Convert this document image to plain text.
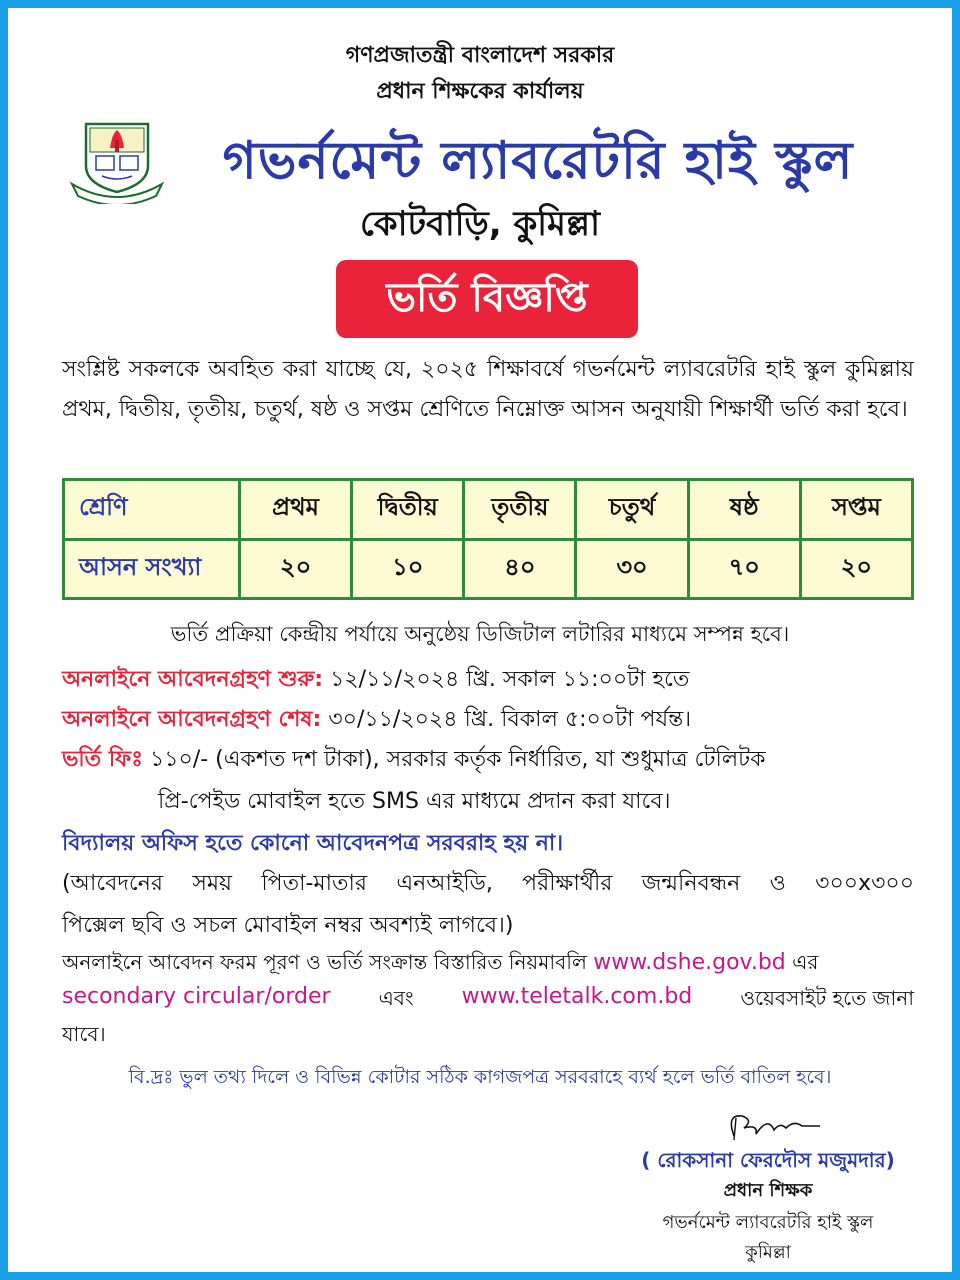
গণপ্রজাতন্ত্রী বাংলাদেশ সরকার
প্রধান শিক্ষকের কার্যালয়
গভর্নমেন্ট ল্যাবরেটরি হাই স্কুল
কোটবাড়ি, কুমিল্লা
ভর্তি বিজ্ঞপ্তি
সংশ্লিষ্ট সকলকে অবহিত করা যাচ্ছে যে, ২০২৫ শিক্ষাবর্ষে গভর্নমেন্ট ল্যাবরেটরি হাই স্কুল কুমিল্লায় প্রথম, দ্বিতীয়, তৃতীয়, চতুর্থ, ষষ্ঠ ও সপ্তম শ্রেণিতে নিম্নোক্ত আসন অনুযায়ী শিক্ষার্থী ভর্তি করা হবে।
শ্রেণি	প্রথম	দ্বিতীয়	তৃতীয়	চতুর্থ	ষষ্ঠ	সপ্তম
আসন সংখ্যা	২০	১০	৪০	৩০	৭০	২০
ভর্তি প্রক্রিয়া কেন্দ্রীয় পর্যায়ে অনুষ্ঠেয় ডিজিটাল লটারির মাধ্যমে সম্পন্ন হবে।
অনলাইনে আবেদনগ্রহণ শুরু: ১২/১১/২০২৪ খ্রি. সকাল ১১:০০টা হতে
অনলাইনে আবেদনগ্রহণ শেষ: ৩০/১১/২০২৪ খ্রি. বিকাল ৫:০০টা পর্যন্ত।
ভর্তি ফিঃ ১১০/- (একশত দশ টাকা), সরকার কর্তৃক নির্ধারিত, যা শুধুমাত্র টেলিটক
প্রি-পেইড মোবাইল হতে SMS এর মাধ্যমে প্রদান করা যাবে।
বিদ্যালয় অফিস হতে কোনো আবেদনপত্র সরবরাহ হয় না।
(আবেদনের সময় পিতা-মাতার এনআইডি, পরীক্ষার্থীর জন্মনিবন্ধন ও ৩০০x৩০০
পিক্সেল ছবি ও সচল মোবাইল নম্বর অবশ্যই লাগবে।)
অনলাইনে আবেদন ফরম পূরণ ও ভর্তি সংক্রান্ত বিস্তারিত নিয়মাবলি www.dshe.gov.bd এর
secondary circular/order এবং www.teletalk.com.bd ওয়েবসাইট হতে জানা
যাবে।
বি.দ্রঃ ভুল তথ্য দিলে ও বিভিন্ন কোটার সঠিক কাগজপত্র সরবরাহে ব্যর্থ হলে ভর্তি বাতিল হবে।
( রোকসানা ফেরদৌস মজুমদার)
প্রধান শিক্ষক
গভর্নমেন্ট ল্যাবরেটরি হাই স্কুল
কুমিল্লা
